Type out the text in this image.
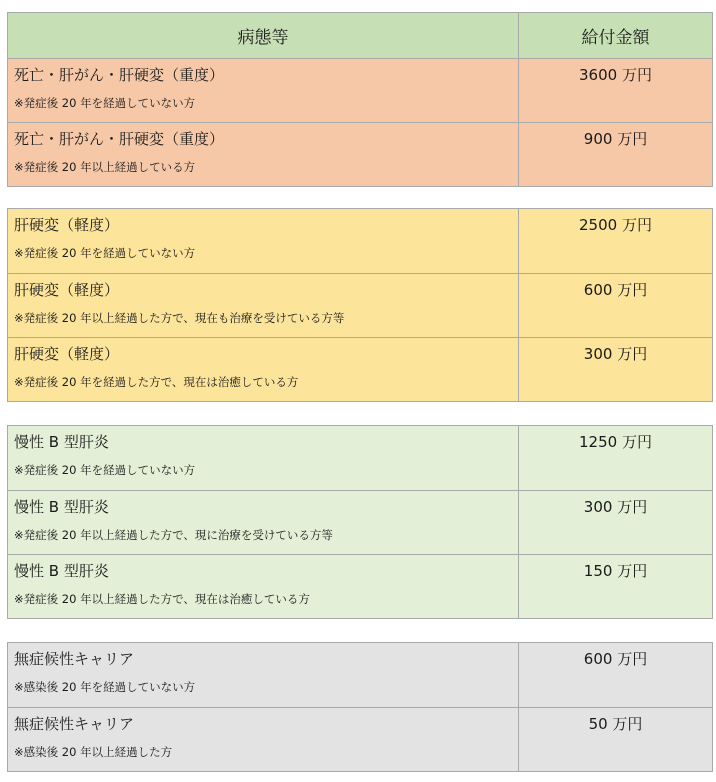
病態等	給付金額
死亡・肝がん・肝硬変（重度）
※発症後 20 年を経過していない方
3600 万円
死亡・肝がん・肝硬変（重度）
※発症後 20 年以上経過している方
900 万円
肝硬変（軽度）
※発症後 20 年を経過していない方
2500 万円
肝硬変（軽度）
※発症後 20 年以上経過した方で、現在も治療を受けている方等
600 万円
肝硬変（軽度）
※発症後 20 年を経過した方で、現在は治癒している方
300 万円
慢性 B 型肝炎
※発症後 20 年を経過していない方
1250 万円
慢性 B 型肝炎
※発症後 20 年以上経過した方で、現に治療を受けている方等
300 万円
慢性 B 型肝炎
※発症後 20 年以上経過した方で、現在は治癒している方
150 万円
無症候性キャリア
※感染後 20 年を経過していない方
600 万円
無症候性キャリア
※感染後 20 年以上経過した方
50 万円
